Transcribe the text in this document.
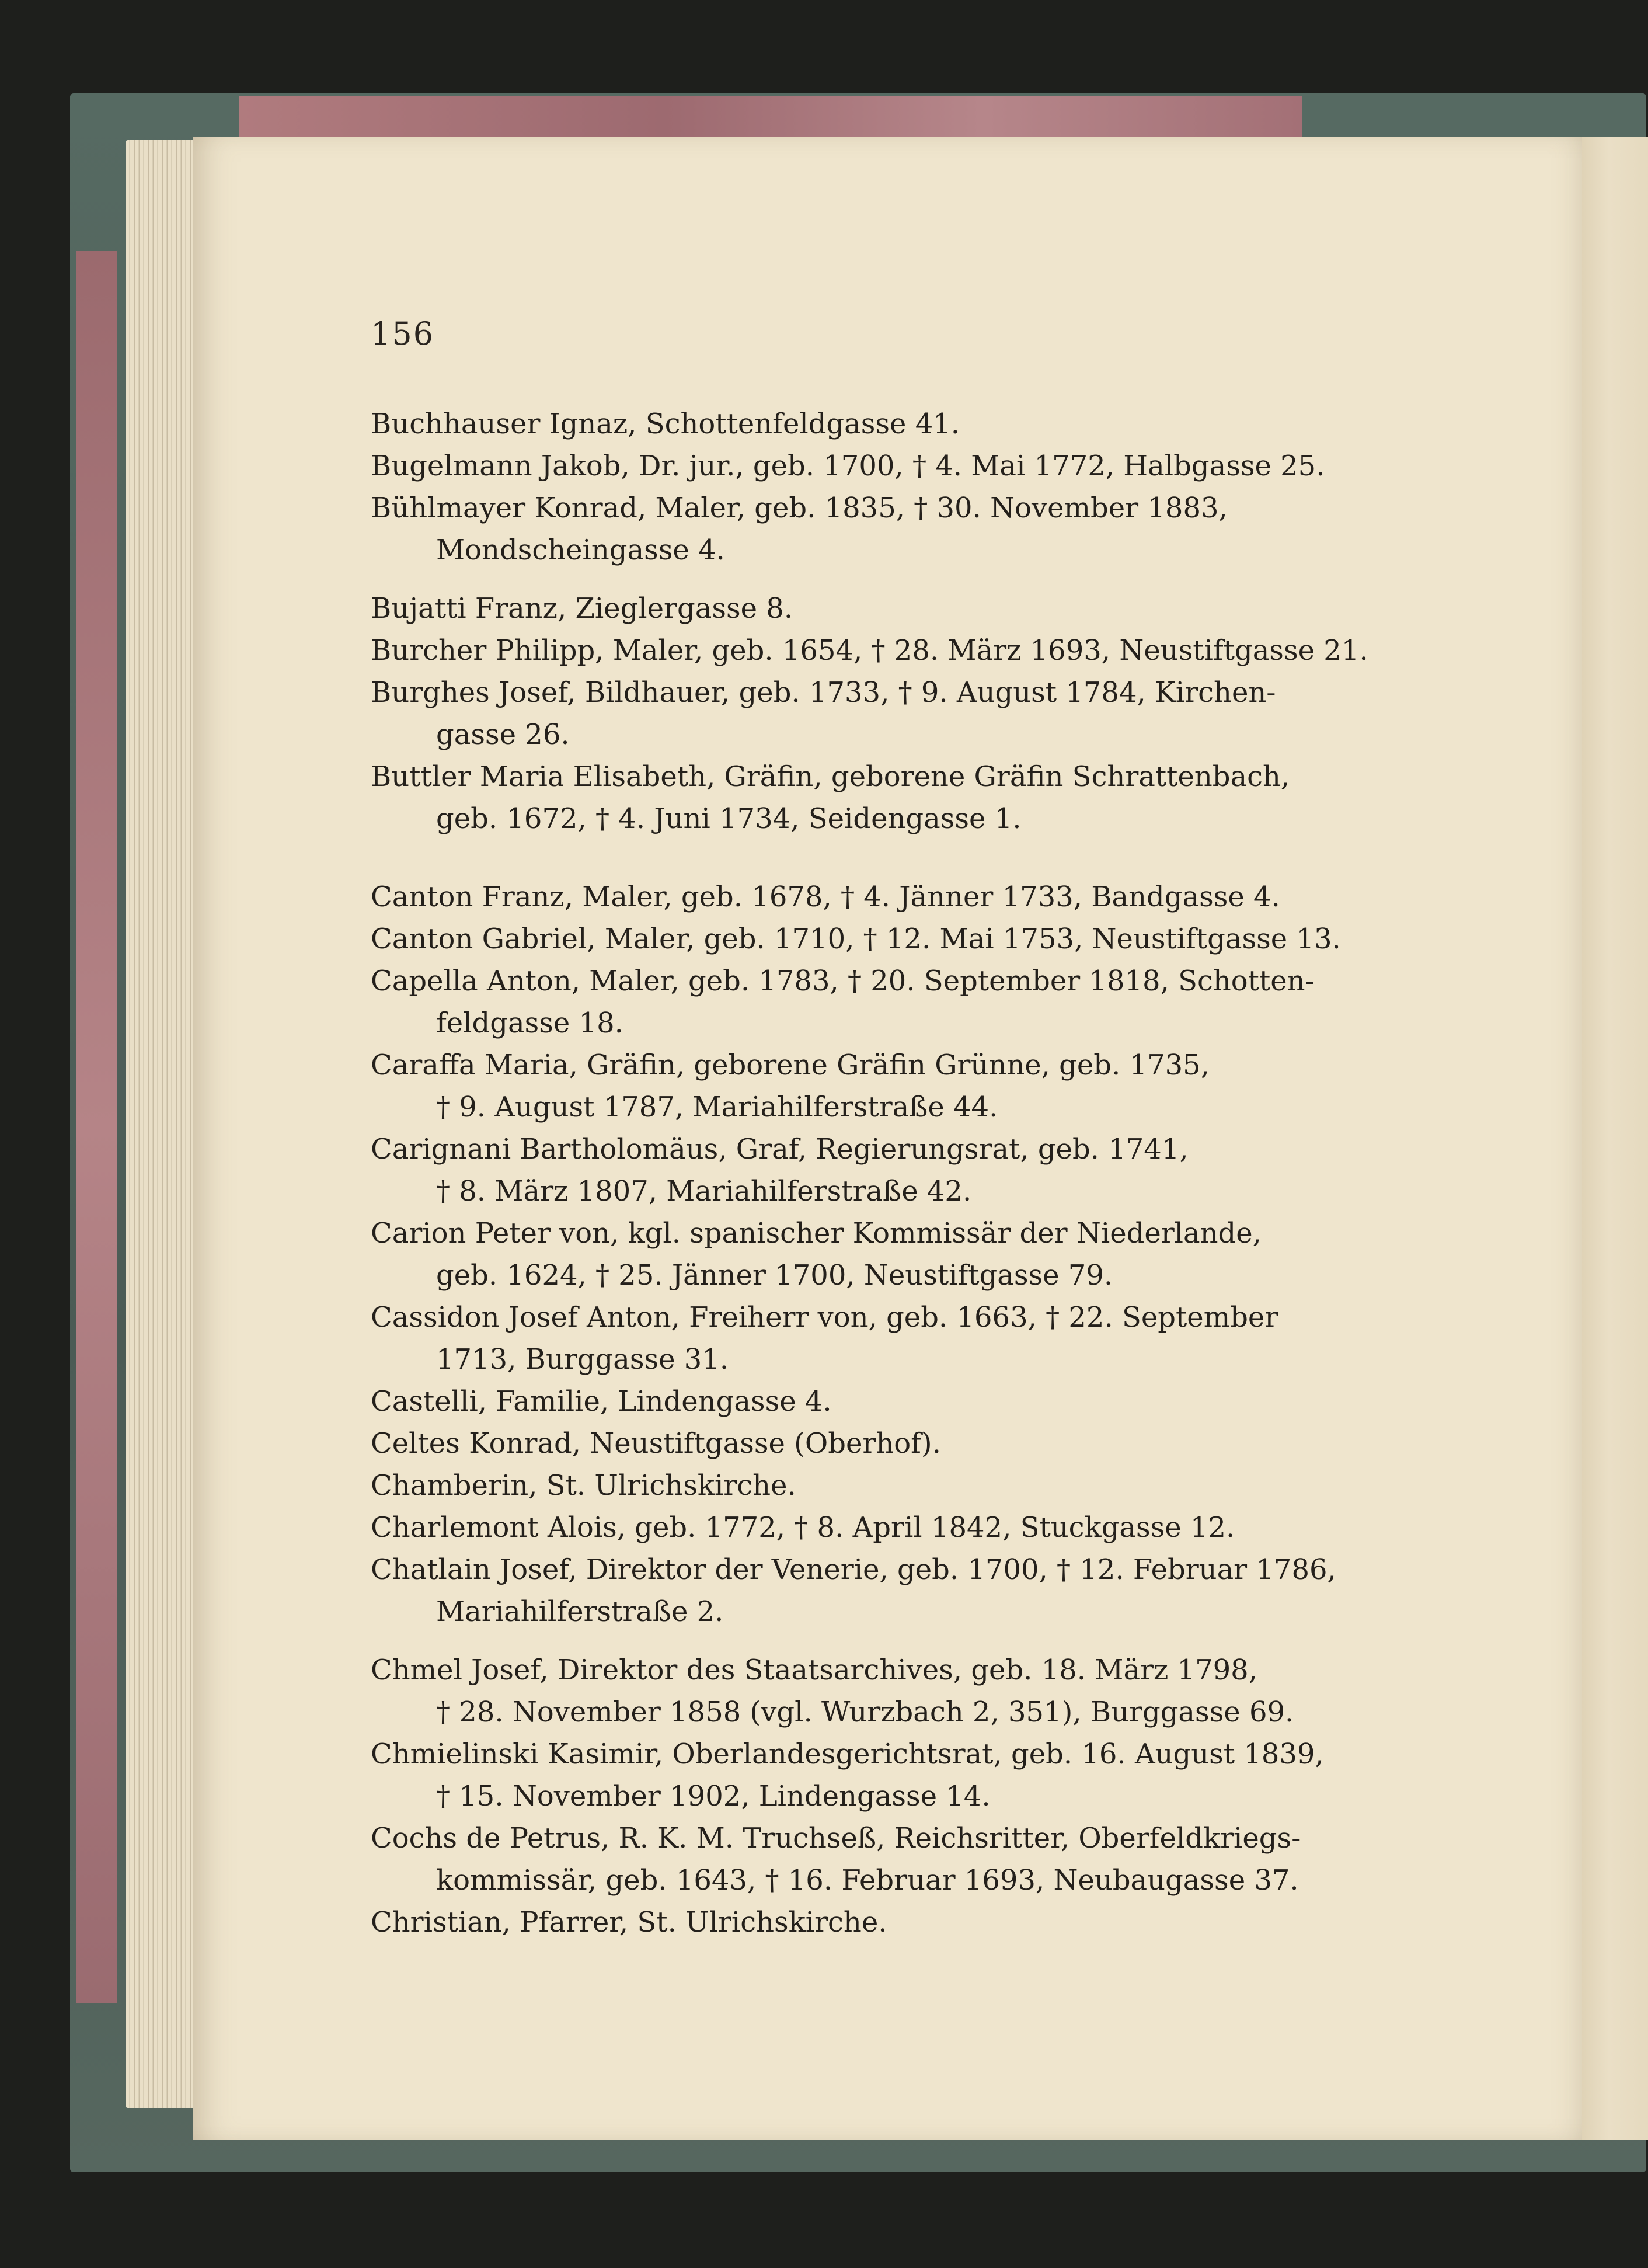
156

Buchhauser Ignaz, Schottenfeldgasse 41.

Bugelmann Jakob, Dr. jur., geb. 1700, † 4. Mai 1772, Halbgasse 25.

Bühlmayer Konrad, Maler, geb. 1835, † 30. November 1883,
Mondscheingasse 4.

Bujatti Franz, Zieglergasse 8.

Burcher Philipp, Maler, geb. 1654, † 28. März 1693, Neustiftgasse 21.

Burghes Josef, Bildhauer, geb. 1733, † 9. August 1784, Kirchen-
gasse 26.

Buttler Maria Elisabeth, Gräfin, geborene Gräfin Schrattenbach,
geb. 1672, † 4. Juni 1734, Seidengasse 1.

Canton Franz, Maler, geb. 1678, † 4. Jänner 1733, Bandgasse 4.

Canton Gabriel, Maler, geb. 1710, † 12. Mai 1753, Neustiftgasse 13.

Capella Anton, Maler, geb. 1783, † 20. September 1818, Schotten-
feldgasse 18.

Caraffa Maria, Gräfin, geborene Gräfin Grünne, geb. 1735,
† 9. August 1787, Mariahilferstraße 44.

Carignani Bartholomäus, Graf, Regierungsrat, geb. 1741,
† 8. März 1807, Mariahilferstraße 42.

Carion Peter von, kgl. spanischer Kommissär der Niederlande,
geb. 1624, † 25. Jänner 1700, Neustiftgasse 79.

Cassidon Josef Anton, Freiherr von, geb. 1663, † 22. September
1713, Burggasse 31.

Castelli, Familie, Lindengasse 4.

Celtes Konrad, Neustiftgasse (Oberhof).

Chamberin, St. Ulrichskirche.

Charlemont Alois, geb. 1772, † 8. April 1842, Stuckgasse 12.

Chatlain Josef, Direktor der Venerie, geb. 1700, † 12. Februar 1786,
Mariahilferstraße 2.

Chmel Josef, Direktor des Staatsarchives, geb. 18. März 1798,
† 28. November 1858 (vgl. Wurzbach 2, 351), Burggasse 69.

Chmielinski Kasimir, Oberlandesgerichtsrat, geb. 16. August 1839,
† 15. November 1902, Lindengasse 14.

Cochs de Petrus, R. K. M. Truchseß, Reichsritter, Oberfeldkriegs-
kommissär, geb. 1643, † 16. Februar 1693, Neubaugasse 37.

Christian, Pfarrer, St. Ulrichskirche.
